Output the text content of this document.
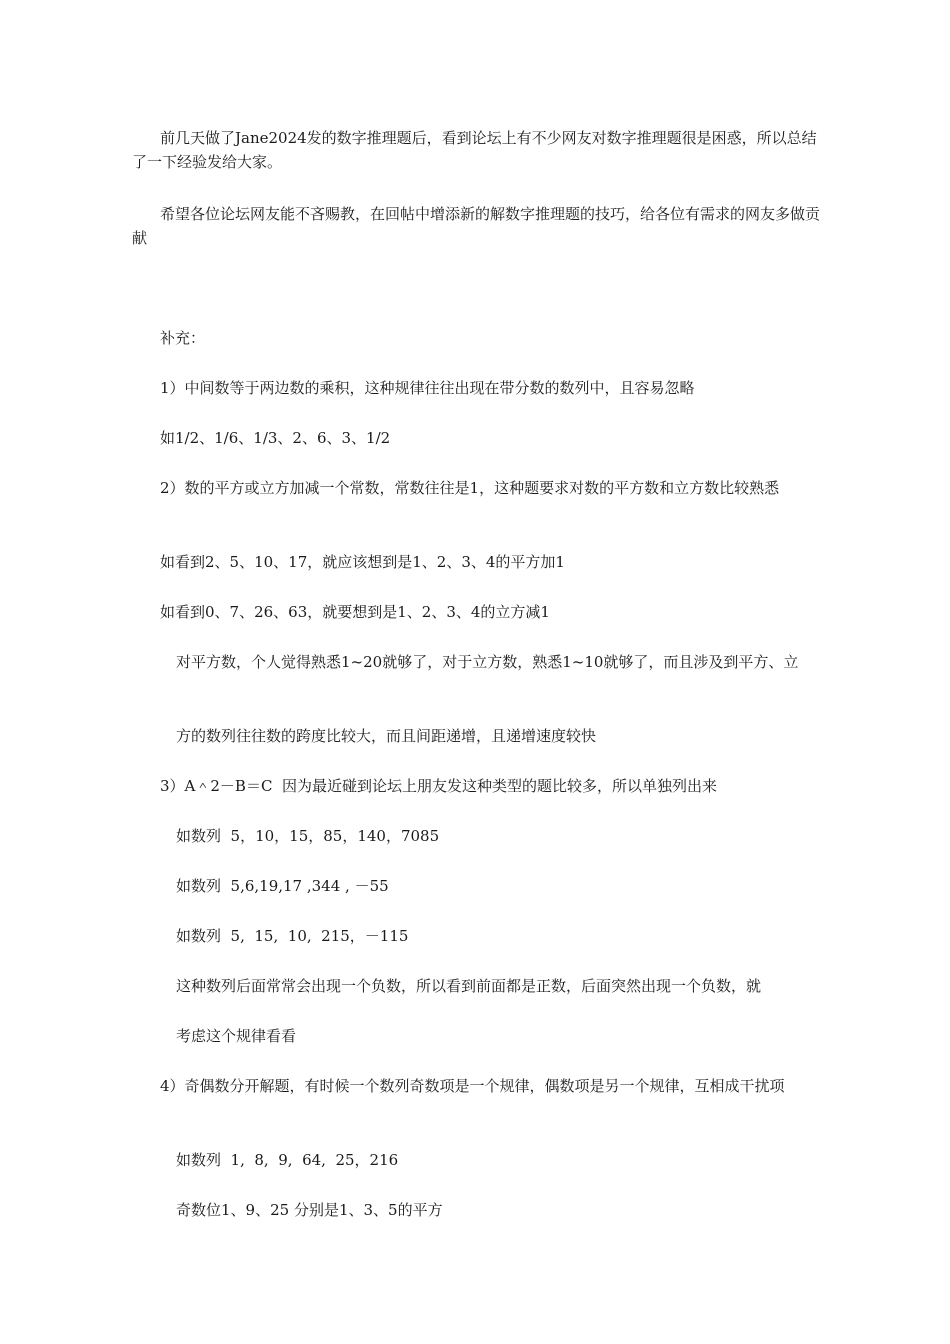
前几天做了Jane2024发的数字推理题后，看到论坛上有不少网友对数字推理题很是困惑，所以总结了一下经验发给大家。
希望各位论坛网友能不吝赐教，在回帖中增添新的解数字推理题的技巧，给各位有需求的网友多做贡献
补充：
1）中间数等于两边数的乘积，这种规律往往出现在带分数的数列中，且容易忽略
如1/2、1/6、1/3、2、6、3、1/2
2）数的平方或立方加减一个常数，常数往往是1，这种题要求对数的平方数和立方数比较熟悉
如看到2、5、10、17，就应该想到是1、2、3、4的平方加1
如看到0、7、26、63，就要想到是1、2、3、4的立方减1
对平方数，个人觉得熟悉1~20就够了，对于立方数，熟悉1~10就够了，而且涉及到平方、立
方的数列往往数的跨度比较大，而且间距递增，且递增速度较快
3）A＾2－B＝C  因为最近碰到论坛上朋友发这种类型的题比较多，所以单独列出来
如数列  5，10，15，85，140，7085
如数列  5,6,19,17 ,344 , －55
如数列  5,  15,  10,  215，－115
这种数列后面常常会出现一个负数，所以看到前面都是正数，后面突然出现一个负数，就
考虑这个规律看看
4）奇偶数分开解题，有时候一个数列奇数项是一个规律，偶数项是另一个规律，互相成干扰项
如数列  1,  8,  9,  64,  25，216
奇数位1、9、25 分别是1、3、5的平方
